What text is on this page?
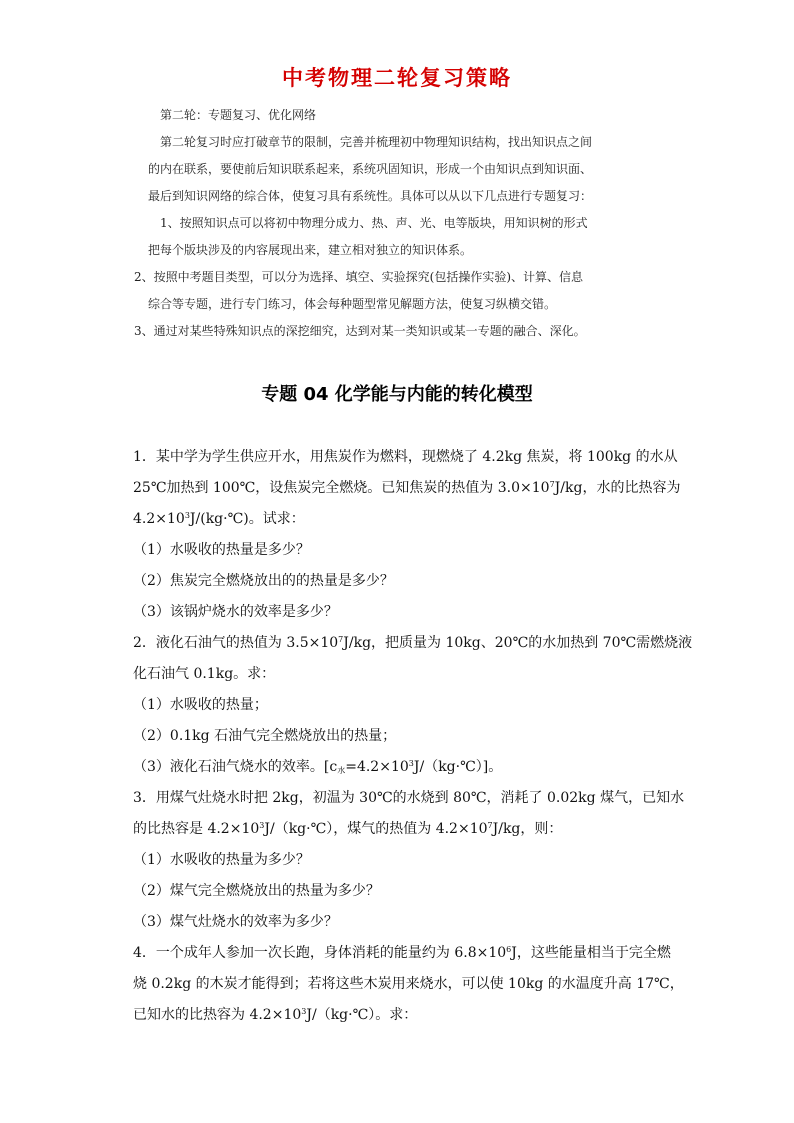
中考物理二轮复习策略
第二轮：专题复习、优化网络
第二轮复习时应打破章节的限制，完善并梳理初中物理知识结构，找出知识点之间
的内在联系，要使前后知识联系起来，系统巩固知识，形成一个由知识点到知识面、
最后到知识网络的综合体，使复习具有系统性。具体可以从以下几点进行专题复习：
1、按照知识点可以将初中物理分成力、热、声、光、电等版块，用知识树的形式
把每个版块涉及的内容展现出来，建立相对独立的知识体系。
2、按照中考题目类型，可以分为选择、填空、实验探究(包括操作实验)、计算、信息
综合等专题，进行专门练习，体会每种题型常见解题方法，使复习纵横交错。
3、通过对某些特殊知识点的深挖细究，达到对某一类知识或某一专题的融合、深化。
专题 04 化学能与内能的转化模型
1．某中学为学生供应开水，用焦炭作为燃料，现燃烧了 4.2kg 焦炭，将 100kg 的水从
25℃加热到 100℃，设焦炭完全燃烧。已知焦炭的热值为 $3.0\times 10^7J/kg$，水的比热容为
$4.2\times 10^3J/(kg\cdot℃)$。试求：
（1）水吸收的热量是多少？
（2）焦炭完全燃烧放出的的热量是多少？
（3）该锅炉烧水的效率是多少？
2．液化石油气的热值为 $3.5\times 10^7J/kg$，把质量为 10kg、20℃的水加热到 70℃需燃烧液
化石油气 0.1kg。求：
（1）水吸收的热量；
（2）0.1kg 石油气完全燃烧放出的热量；
（3）液化石油气烧水的效率。$[c_水=4.2\times 10^3J/(kg\cdot℃)]$。
3．用煤气灶烧水时把 2kg，初温为 30℃的水烧到 80℃，消耗了 0.02kg 煤气，已知水
的比热容是 $4.2\times 10^3J/(kg\cdot℃)$，煤气的热值为 $4.2\times 10^7J/kg$，则：
（1）水吸收的热量为多少？
（2）煤气完全燃烧放出的热量为多少？
（3）煤气灶烧水的效率为多少？
4．一个成年人参加一次长跑，身体消耗的能量约为 $6.8\times 10^6J$，这些能量相当于完全燃
烧 0.2kg 的木炭才能得到；若将这些木炭用来烧水，可以使 10kg 的水温度升高 17℃，
已知水的比热容为 $4.2\times 10^3J/(kg\cdot℃)$。求：
